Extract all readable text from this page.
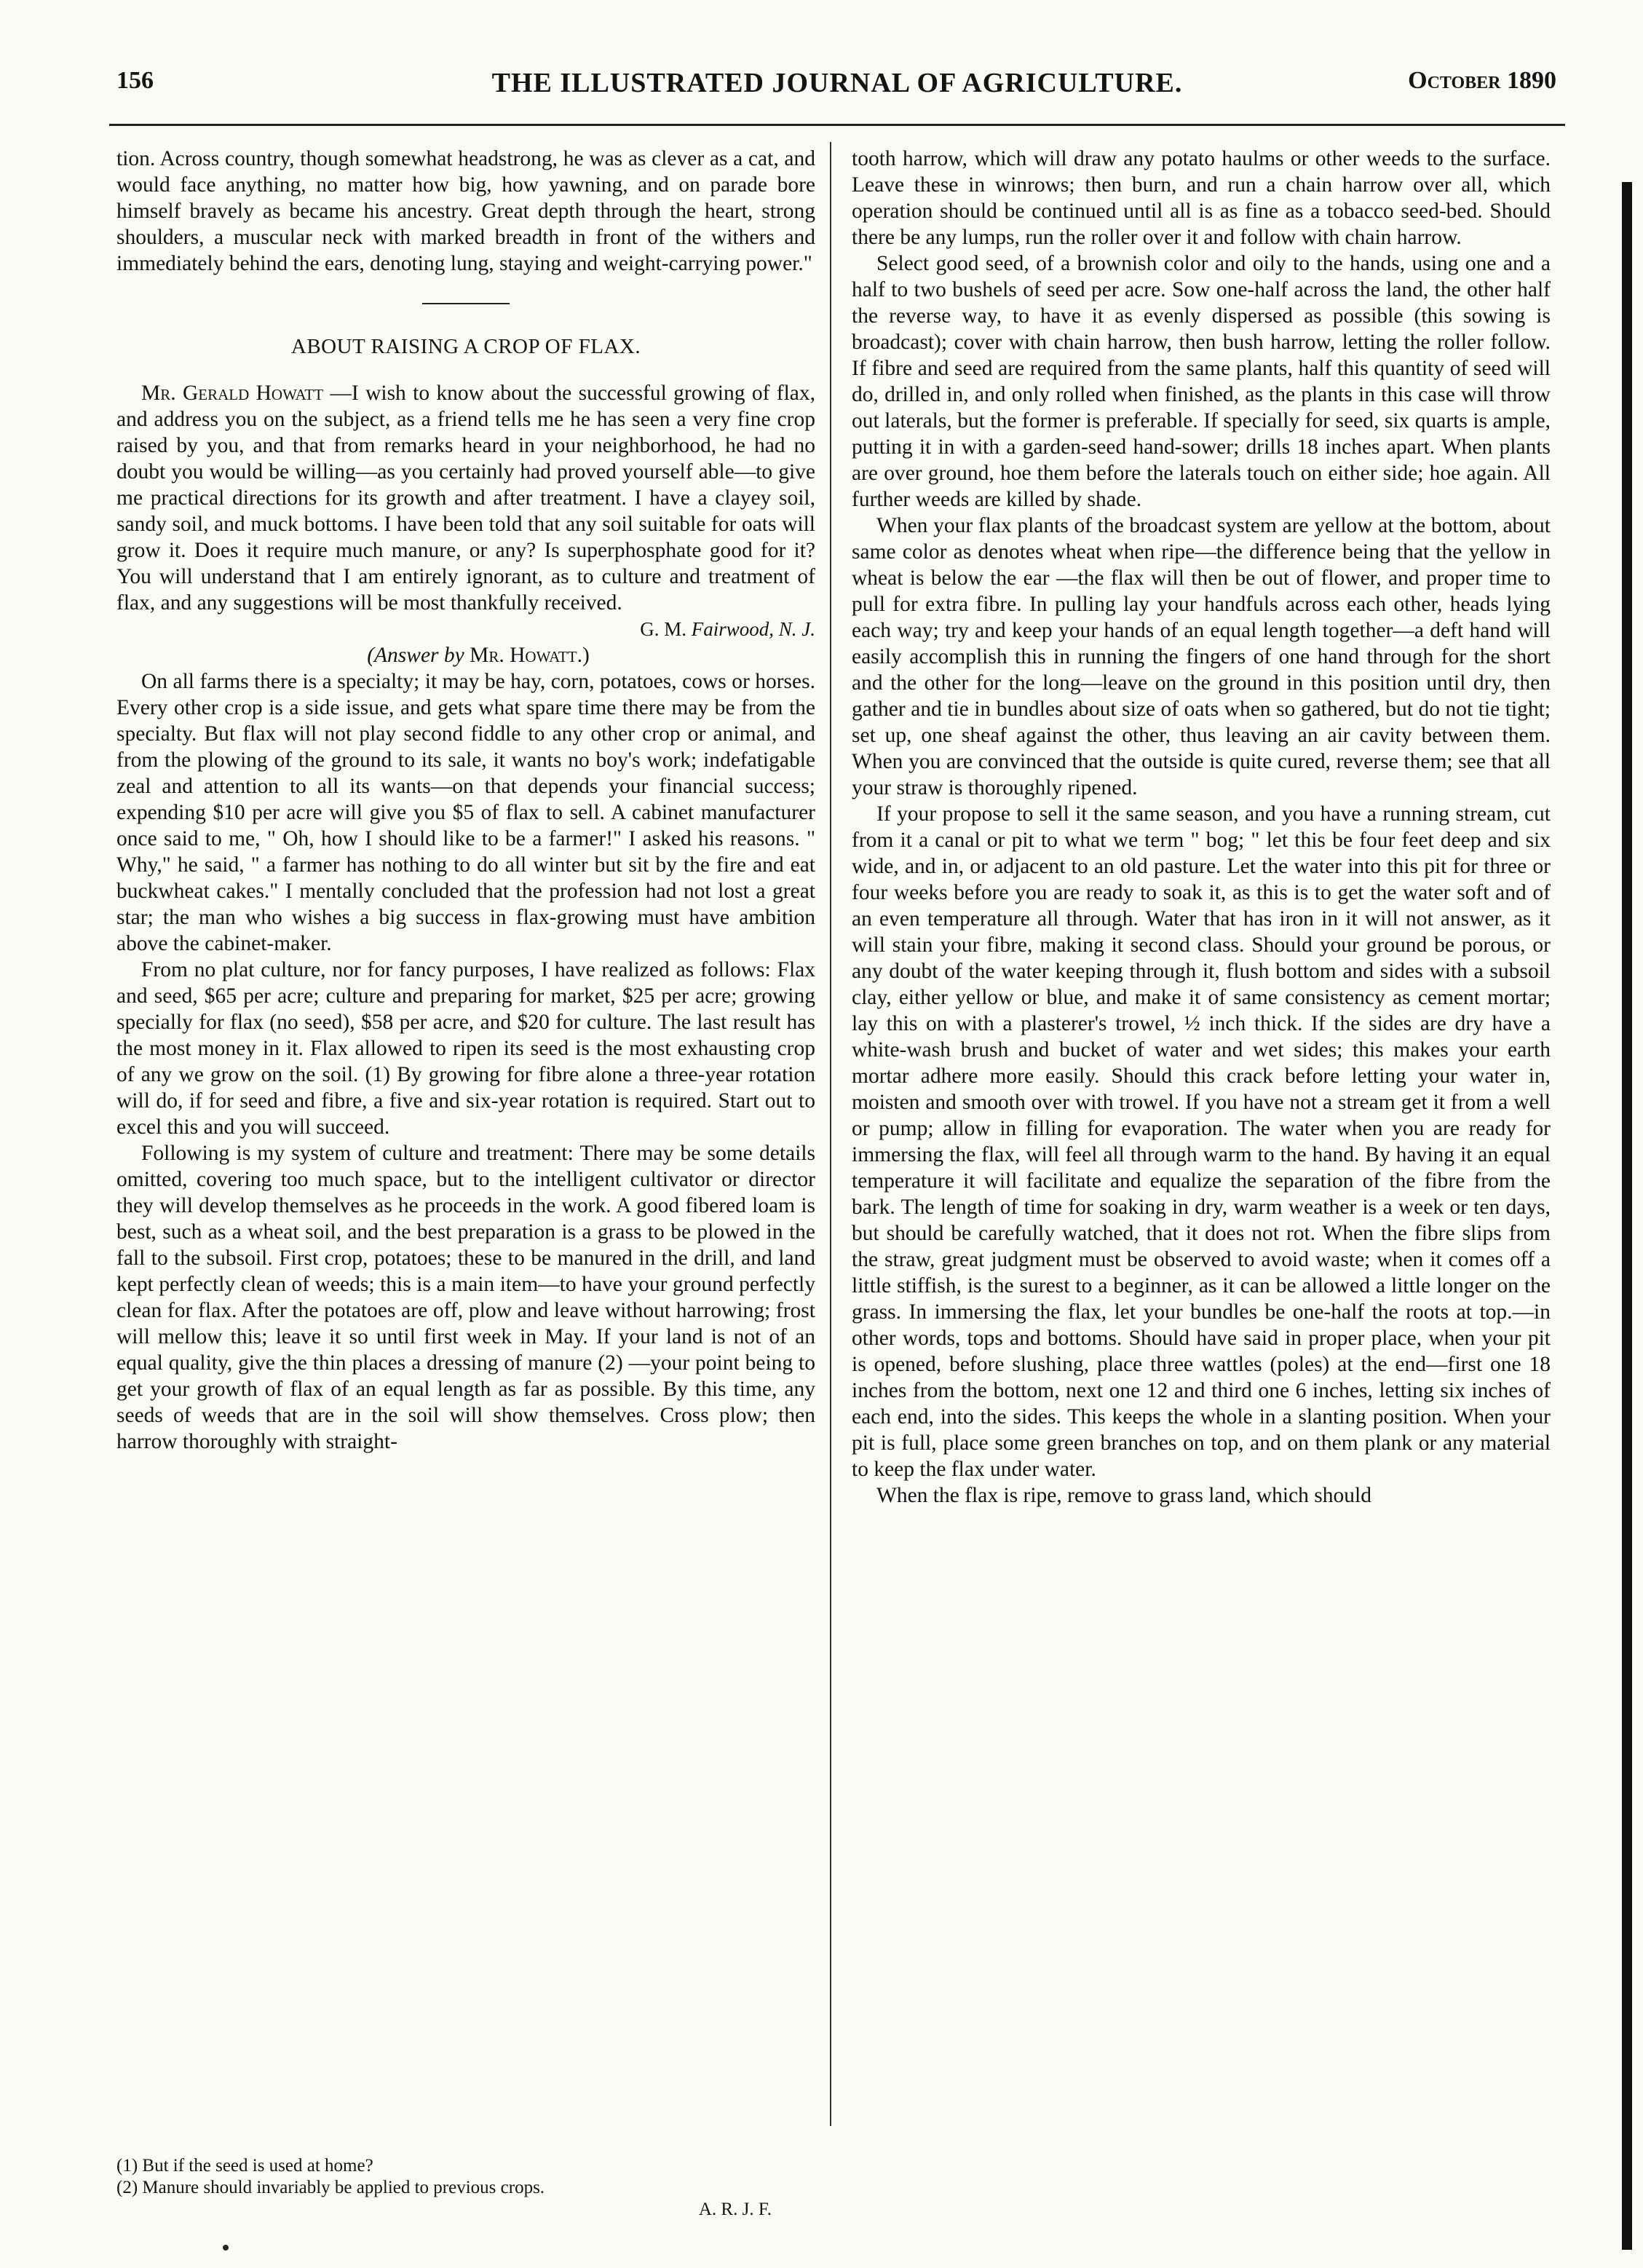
156	THE ILLUSTRATED JOURNAL OF AGRICULTURE.	October 1890

tion. Across country, though somewhat headstrong, he was as clever as a cat, and would face anything, no matter how big, how yawning, and on parade bore himself bravely as became his ancestry. Great depth through the heart, strong shoulders, a muscular neck with marked breadth in front of the withers and immediately behind the ears, denoting lung, staying and weight-carrying power."

ABOUT RAISING A CROP OF FLAX.

Mr. Gerald Howatt —I wish to know about the successful growing of flax, and address you on the subject, as a friend tells me he has seen a very fine crop raised by you, and that from remarks heard in your neighborhood, he had no doubt you would be willing—as you certainly had proved yourself able—to give me practical directions for its growth and after treatment. I have a clayey soil, sandy soil, and muck bottoms. I have been told that any soil suitable for oats will grow it. Does it require much manure, or any? Is superphosphate good for it? You will understand that I am entirely ignorant, as to culture and treatment of flax, and any suggestions will be most thankfully received.

G. M. Fairwood, N. J.

(Answer by Mr. Howatt.)

On all farms there is a specialty; it may be hay, corn, potatoes, cows or horses. Every other crop is a side issue, and gets what spare time there may be from the specialty. But flax will not play second fiddle to any other crop or animal, and from the plowing of the ground to its sale, it wants no boy's work; indefatigable zeal and attention to all its wants—on that depends your financial success; expending $10 per acre will give you $5 of flax to sell. A cabinet manufacturer once said to me, " Oh, how I should like to be a farmer!" I asked his reasons. " Why," he said, " a farmer has nothing to do all winter but sit by the fire and eat buckwheat cakes." I mentally concluded that the profession had not lost a great star; the man who wishes a big success in flax-growing must have ambition above the cabinet-maker.

From no plat culture, nor for fancy purposes, I have realized as follows: Flax and seed, $65 per acre; culture and preparing for market, $25 per acre; growing specially for flax (no seed), $58 per acre, and $20 for culture. The last result has the most money in it. Flax allowed to ripen its seed is the most exhausting crop of any we grow on the soil. (1) By growing for fibre alone a three-year rotation will do, if for seed and fibre, a five and six-year rotation is required. Start out to excel this and you will succeed.

Following is my system of culture and treatment: There may be some details omitted, covering too much space, but to the intelligent cultivator or director they will develop themselves as he proceeds in the work. A good fibered loam is best, such as a wheat soil, and the best preparation is a grass to be plowed in the fall to the subsoil. First crop, potatoes; these to be manured in the drill, and land kept perfectly clean of weeds; this is a main item—to have your ground perfectly clean for flax. After the potatoes are off, plow and leave without harrowing; frost will mellow this; leave it so until first week in May. If your land is not of an equal quality, give the thin places a dressing of manure (2) —your point being to get your growth of flax of an equal length as far as possible. By this time, any seeds of weeds that are in the soil will show themselves. Cross plow; then harrow thoroughly with straight-

tooth harrow, which will draw any potato haulms or other weeds to the surface. Leave these in winrows; then burn, and run a chain harrow over all, which operation should be continued until all is as fine as a tobacco seed-bed. Should there be any lumps, run the roller over it and follow with chain harrow.

Select good seed, of a brownish color and oily to the hands, using one and a half to two bushels of seed per acre. Sow one-half across the land, the other half the reverse way, to have it as evenly dispersed as possible (this sowing is broadcast); cover with chain harrow, then bush harrow, letting the roller follow. If fibre and seed are required from the same plants, half this quantity of seed will do, drilled in, and only rolled when finished, as the plants in this case will throw out laterals, but the former is preferable. If specially for seed, six quarts is ample, putting it in with a garden-seed hand-sower; drills 18 inches apart. When plants are over ground, hoe them before the laterals touch on either side; hoe again. All further weeds are killed by shade.

When your flax plants of the broadcast system are yellow at the bottom, about same color as denotes wheat when ripe—the difference being that the yellow in wheat is below the ear —the flax will then be out of flower, and proper time to pull for extra fibre. In pulling lay your handfuls across each other, heads lying each way; try and keep your hands of an equal length together—a deft hand will easily accomplish this in running the fingers of one hand through for the short and the other for the long—leave on the ground in this position until dry, then gather and tie in bundles about size of oats when so gathered, but do not tie tight; set up, one sheaf against the other, thus leaving an air cavity between them. When you are convinced that the outside is quite cured, reverse them; see that all your straw is thoroughly ripened.

If your propose to sell it the same season, and you have a running stream, cut from it a canal or pit to what we term " bog; " let this be four feet deep and six wide, and in, or adjacent to an old pasture. Let the water into this pit for three or four weeks before you are ready to soak it, as this is to get the water soft and of an even temperature all through. Water that has iron in it will not answer, as it will stain your fibre, making it second class. Should your ground be porous, or any doubt of the water keeping through it, flush bottom and sides with a subsoil clay, either yellow or blue, and make it of same consistency as cement mortar; lay this on with a plasterer's trowel, ½ inch thick. If the sides are dry have a white-wash brush and bucket of water and wet sides; this makes your earth mortar adhere more easily. Should this crack before letting your water in, moisten and smooth over with trowel. If you have not a stream get it from a well or pump; allow in filling for evaporation. The water when you are ready for immersing the flax, will feel all through warm to the hand. By having it an equal temperature it will facilitate and equalize the separation of the fibre from the bark. The length of time for soaking in dry, warm weather is a week or ten days, but should be carefully watched, that it does not rot. When the fibre slips from the straw, great judgment must be observed to avoid waste; when it comes off a little stiffish, is the surest to a beginner, as it can be allowed a little longer on the grass. In immersing the flax, let your bundles be one-half the roots at top.—in other words, tops and bottoms. Should have said in proper place, when your pit is opened, before slushing, place three wattles (poles) at the end—first one 18 inches from the bottom, next one 12 and third one 6 inches, letting six inches of each end, into the sides. This keeps the whole in a slanting position. When your pit is full, place some green branches on top, and on them plank or any material to keep the flax under water.

When the flax is ripe, remove to grass land, which should

(1) But if the seed is used at home?

(2) Manure should invariably be applied to previous crops.

A. R. J. F.
